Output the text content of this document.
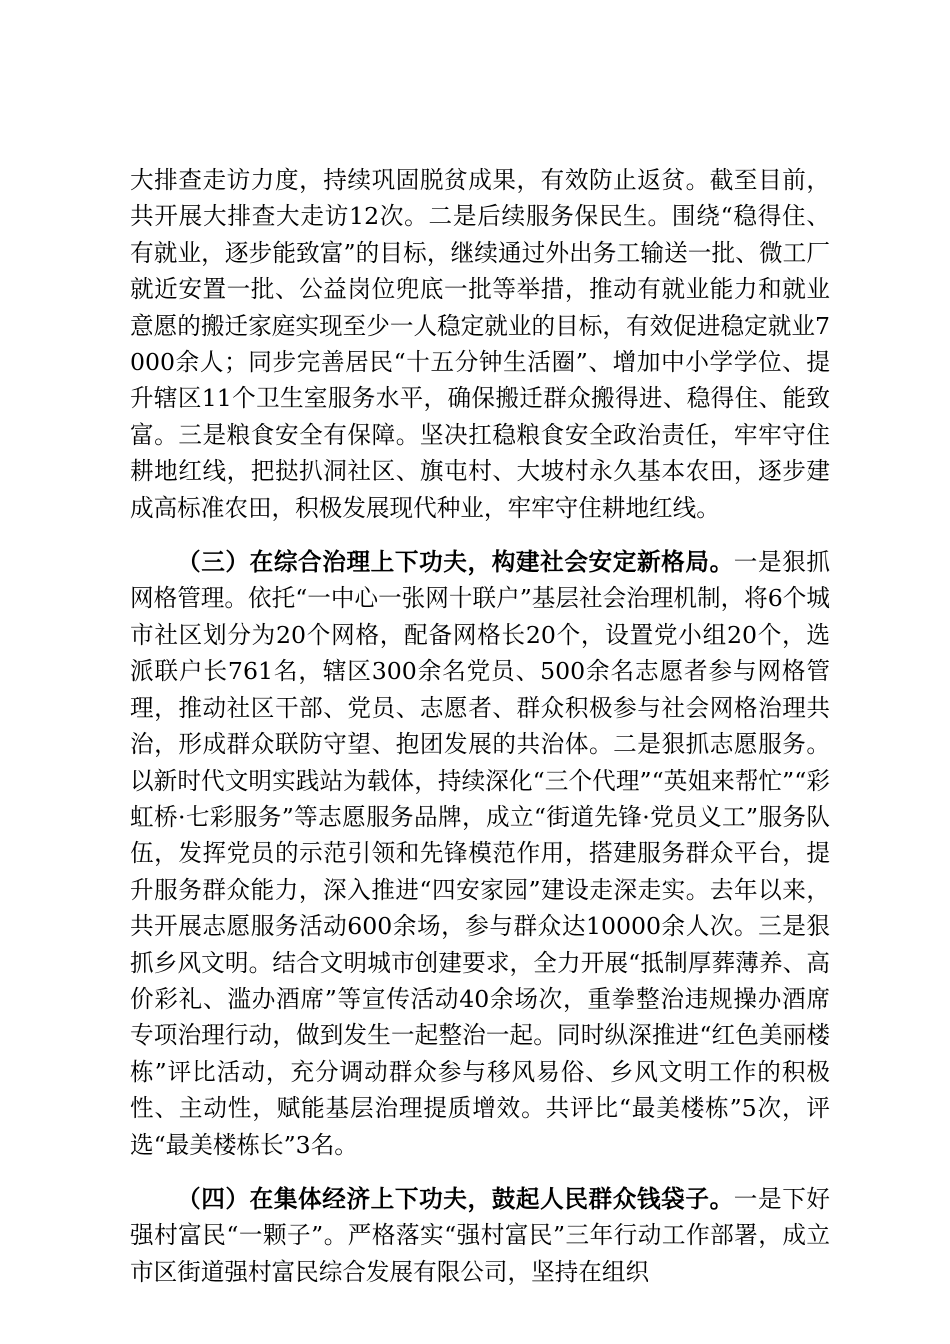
大排查走访力度，持续巩固脱贫成果，有效防止返贫。截至目前，共开展大排查大走访12次。二是后续服务保民生。围绕“稳得住、有就业，逐步能致富”的目标，继续通过外出务工输送一批、微工厂就近安置一批、公益岗位兜底一批等举措，推动有就业能力和就业意愿的搬迁家庭实现至少一人稳定就业的目标，有效促进稳定就业7000余人；同步完善居民“十五分钟生活圈”、增加中小学学位、提升辖区11个卫生室服务水平，确保搬迁群众搬得进、稳得住、能致富。三是粮食安全有保障。坚决扛稳粮食安全政治责任，牢牢守住耕地红线，把挞扒洞社区、旗屯村、大坡村永久基本农田，逐步建成高标准农田，积极发展现代种业，牢牢守住耕地红线。

（三）在综合治理上下功夫，构建社会安定新格局。一是狠抓网格管理。依托“一中心一张网十联户”基层社会治理机制，将6个城市社区划分为20个网格，配备网格长20个，设置党小组20个，选派联户长761名，辖区300余名党员、500余名志愿者参与网格管理，推动社区干部、党员、志愿者、群众积极参与社会网格治理共治，形成群众联防守望、抱团发展的共治体。二是狠抓志愿服务。以新时代文明实践站为载体，持续深化“三个代理”“英姐来帮忙”“彩虹桥·七彩服务”等志愿服务品牌，成立“街道先锋·党员义工”服务队伍，发挥党员的示范引领和先锋模范作用，搭建服务群众平台，提升服务群众能力，深入推进“四安家园”建设走深走实。去年以来，共开展志愿服务活动600余场，参与群众达10000余人次。三是狠抓乡风文明。结合文明城市创建要求，全力开展“抵制厚葬薄养、高价彩礼、滥办酒席”等宣传活动40余场次，重拳整治违规操办酒席专项治理行动，做到发生一起整治一起。同时纵深推进“红色美丽楼栋”评比活动，充分调动群众参与移风易俗、乡风文明工作的积极性、主动性，赋能基层治理提质增效。共评比“最美楼栋”5次，评选“最美楼栋长”3名。

（四）在集体经济上下功夫，鼓起人民群众钱袋子。一是下好强村富民“一颗子”。严格落实“强村富民”三年行动工作部署，成立市区街道强村富民综合发展有限公司，坚持在组织
